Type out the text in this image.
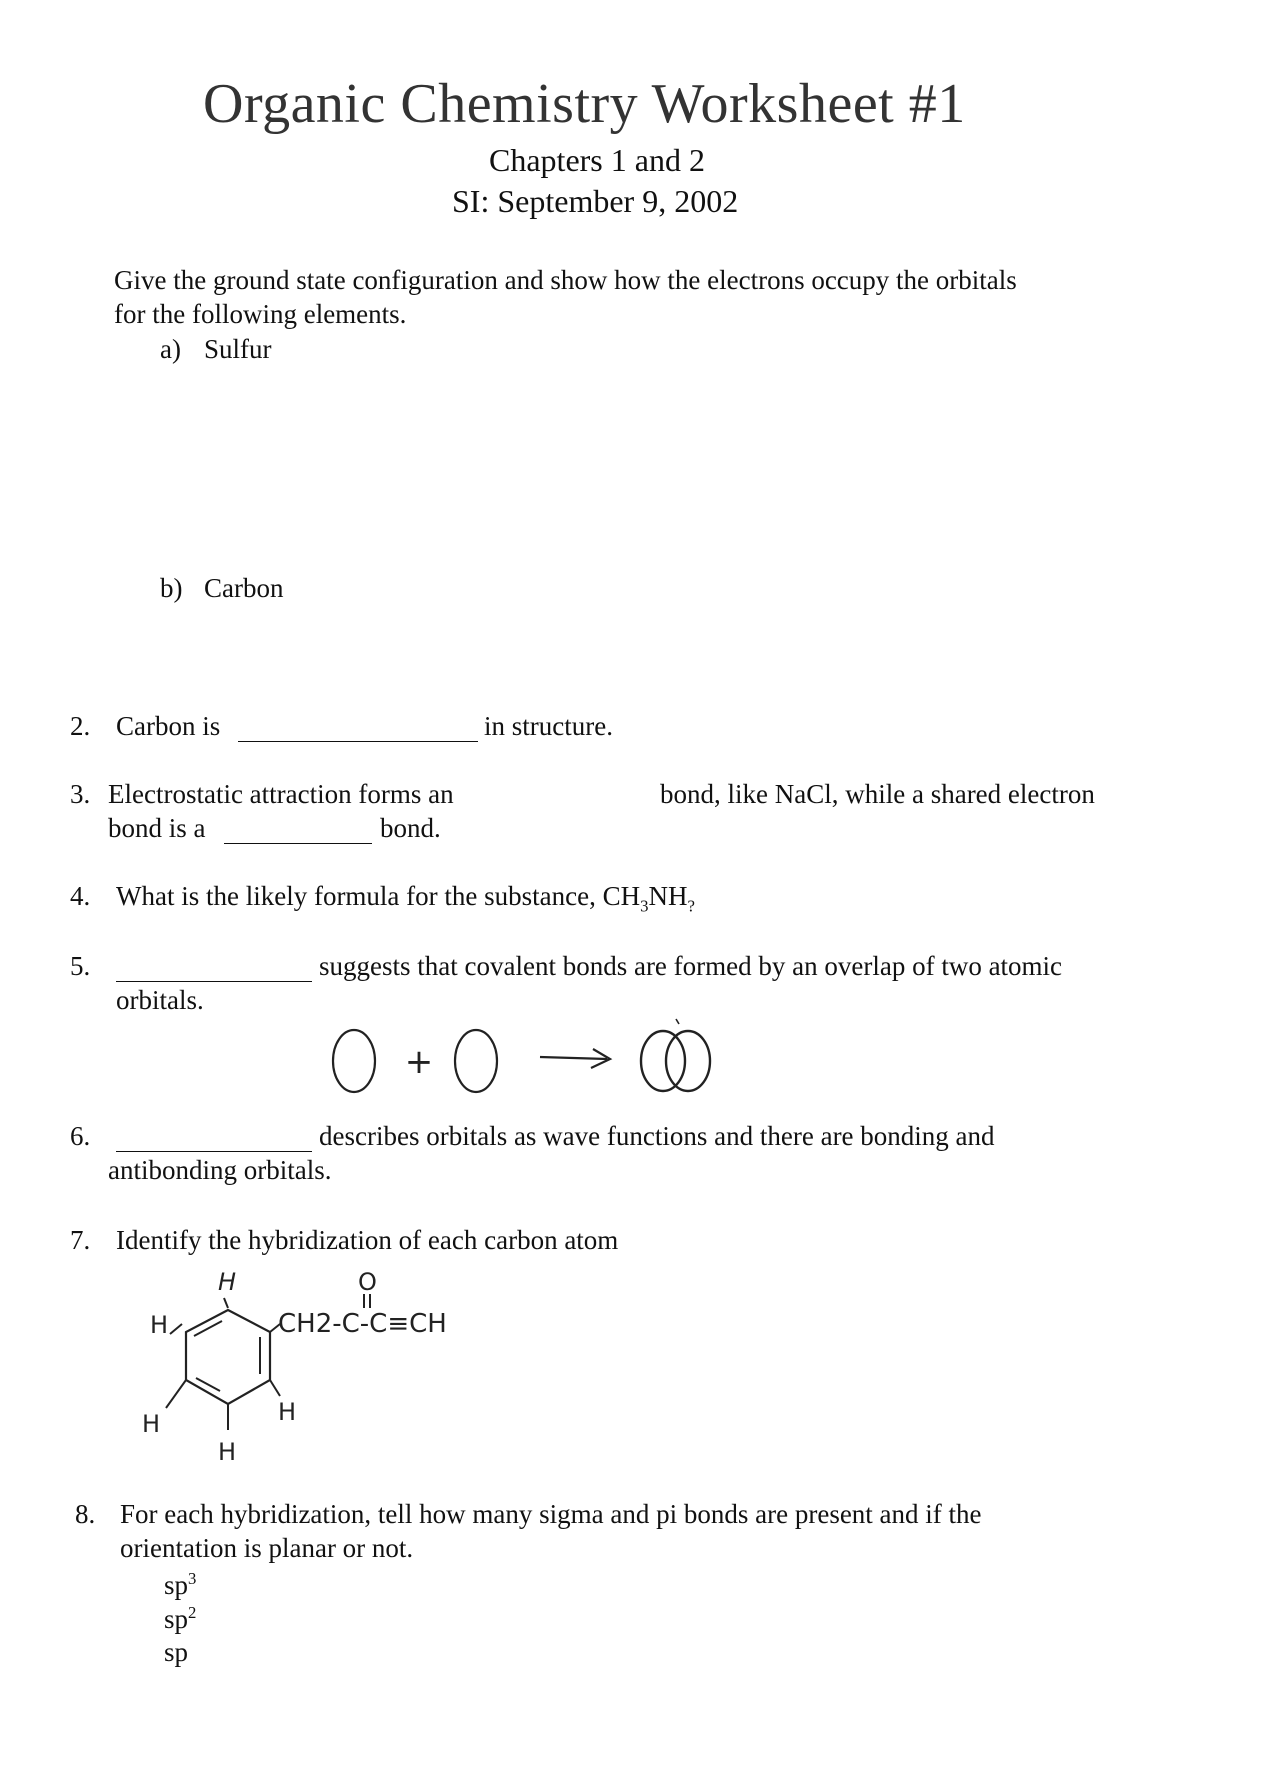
Organic Chemistry Worksheet #1
Chapters 1 and 2
SI: September 9, 2002
Give the ground state configuration and show how the electrons occupy the orbitals
for the following elements.
a) Sulfur
b) Carbon
2. Carbon is	in structure.
3. Electrostatic attraction forms an	bond, like NaCl, while a shared electron
bond is a	bond.
4. What is the likely formula for the substance, $CH_3NH_?$
5.	suggests that covalent bonds are formed by an overlap of two atomic
orbitals.
+
6.	describes orbitals as wave functions and there are bonding and
antibonding orbitals.
7. Identify the hybridization of each carbon atom
H	O
H	CH2-C-C≡CH
H	H
H
8. For each hybridization, tell how many sigma and pi bonds are present and if the
orientation is planar or not.
$sp^3$
$sp^2$
sp
